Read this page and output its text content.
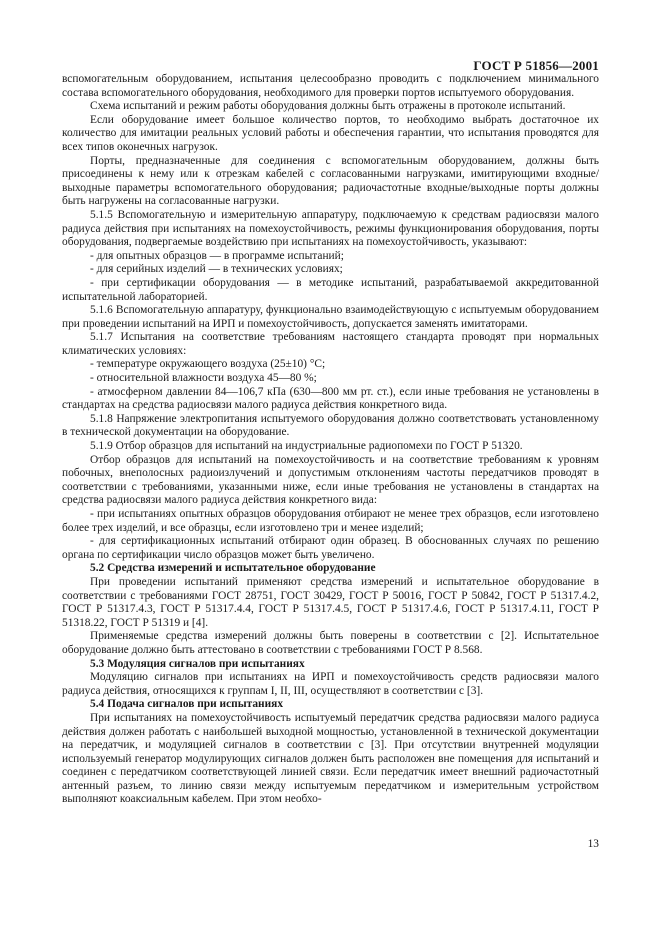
ГОСТ Р 51856—2001

вспомогательным оборудованием, испытания целесообразно проводить с подключением минимального состава вспомогательного оборудования, необходимого для проверки портов испытуемого оборудования.

Схема испытаний и режим работы оборудования должны быть отражены в протоколе испытаний.

Если оборудование имеет большое количество портов, то необходимо выбрать достаточное их количество для имитации реальных условий работы и обеспечения гарантии, что испытания проводятся для всех типов оконечных нагрузок.

Порты, предназначенные для соединения с вспомогательным оборудованием, должны быть присоединены к нему или к отрезкам кабелей с согласованными нагрузками, имитирующими входные/выходные параметры вспомогательного оборудования; радиочастотные входные/выходные порты должны быть нагружены на согласованные нагрузки.

5.1.5 Вспомогательную и измерительную аппаратуру, подключаемую к средствам радиосвязи малого радиуса действия при испытаниях на помехоустойчивость, режимы функционирования оборудования, порты оборудования, подвергаемые воздействию при испытаниях на помехоустойчивость, указывают:

- для опытных образцов — в программе испытаний;

- для серийных изделий — в технических условиях;

- при сертификации оборудования — в методике испытаний, разрабатываемой аккредитованной испытательной лабораторией.

5.1.6 Вспомогательную аппаратуру, функционально взаимодействующую с испытуемым оборудованием при проведении испытаний на ИРП и помехоустойчивость, допускается заменять имитаторами.

5.1.7 Испытания на соответствие требованиям настоящего стандарта проводят при нормальных климатических условиях:

- температуре окружающего воздуха (25±10) °С;

- относительной влажности воздуха 45—80 %;

- атмосферном давлении 84—106,7 кПа (630—800 мм рт. ст.), если иные требования не установлены в стандартах на средства радиосвязи малого радиуса действия конкретного вида.

5.1.8 Напряжение электропитания испытуемого оборудования должно соответствовать установленному в технической документации на оборудование.

5.1.9 Отбор образцов для испытаний на индустриальные радиопомехи по ГОСТ Р 51320.

Отбор образцов для испытаний на помехоустойчивость и на соответствие требованиям к уровням побочных, внеполосных радиоизлучений и допустимым отклонениям частоты передатчиков проводят в соответствии с требованиями, указанными ниже, если иные требования не установлены в стандартах на средства радиосвязи малого радиуса действия конкретного вида:

- при испытаниях опытных образцов оборудования отбирают не менее трех образцов, если изготовлено более трех изделий, и все образцы, если изготовлено три и менее изделий;

- для сертификационных испытаний отбирают один образец. В обоснованных случаях по решению органа по сертификации число образцов может быть увеличено.

5.2 Средства измерений и испытательное оборудование

При проведении испытаний применяют средства измерений и испытательное оборудование в соответствии с требованиями ГОСТ 28751, ГОСТ 30429, ГОСТ Р 50016, ГОСТ Р 50842, ГОСТ Р 51317.4.2, ГОСТ Р 51317.4.3, ГОСТ Р 51317.4.4, ГОСТ Р 51317.4.5, ГОСТ Р 51317.4.6, ГОСТ Р 51317.4.11, ГОСТ Р 51318.22, ГОСТ Р 51319 и [4].

Применяемые средства измерений должны быть поверены в соответствии с [2]. Испытательное оборудование должно быть аттестовано в соответствии с требованиями ГОСТ Р 8.568.

5.3 Модуляция сигналов при испытаниях

Модуляцию сигналов при испытаниях на ИРП и помехоустойчивость средств радиосвязи малого радиуса действия, относящихся к группам I, II, III, осуществляют в соответствии с [3].

5.4 Подача сигналов при испытаниях

При испытаниях на помехоустойчивость испытуемый передатчик средства радиосвязи малого радиуса действия должен работать с наибольшей выходной мощностью, установленной в технической документации на передатчик, и модуляцией сигналов в соответствии с [3]. При отсутствии внутренней модуляции используемый генератор модулирующих сигналов должен быть расположен вне помещения для испытаний и соединен с передатчиком соответствующей линией связи. Если передатчик имеет внешний радиочастотный антенный разъем, то линию связи между испытуемым передатчиком и измерительным устройством выполняют коаксиальным кабелем. При этом необхо-

13
